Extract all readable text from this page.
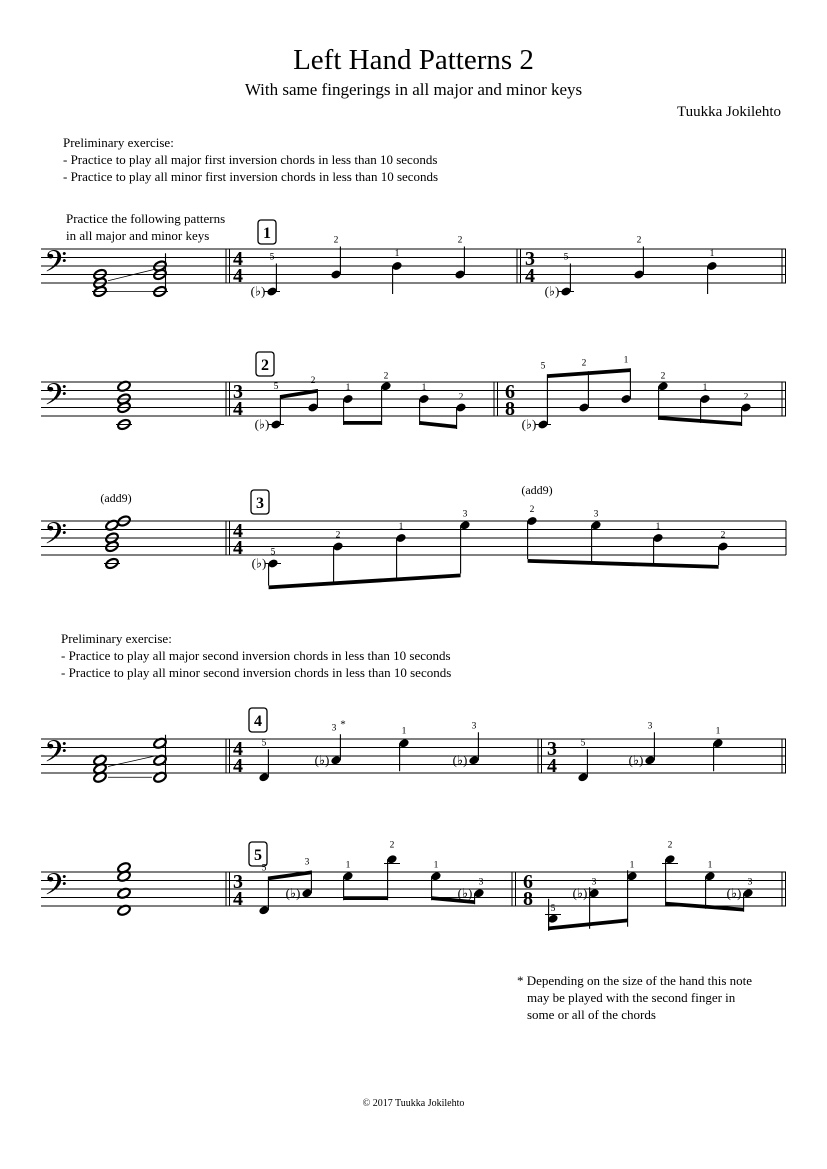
Left Hand Patterns 2
With same fingerings in all major and minor keys
Tuukka Jokilehto
Preliminary exercise:
- Practice to play all major first inversion chords in less than 10 seconds
- Practice to play all minor first inversion chords in less than 10 seconds
Practice the following patterns
in all major and minor keys
Preliminary exercise:
- Practice to play all major second inversion chords in less than 10 seconds
- Practice to play all minor second inversion chords in less than 10 seconds
* Depending on the size of the hand this note
may be played with the second finger in
some or all of the chords
© 2017 Tuukka Jokilehto
𝄢
1
4
4
(♭)
5
2
1
2
3
4
(♭)
5
2
1
𝄢
2
3
4
(♭)
5
2
1
2
1
2 6
8
(♭)
5	2	1
2
1
2
𝄢
(add9)	3
4
4
(♭)
5
2
1
3
(add9)
2	3
1
2
𝄢
4
4
4
5
(♭)
3 *
1
(♭)
3
3
4
5
(♭)
3	1
𝄢
5
3
4	(♭)
5
3	1
2
(♭)
1
3 6
8	(♭)
5
3
1
(♭)
2
1
3
